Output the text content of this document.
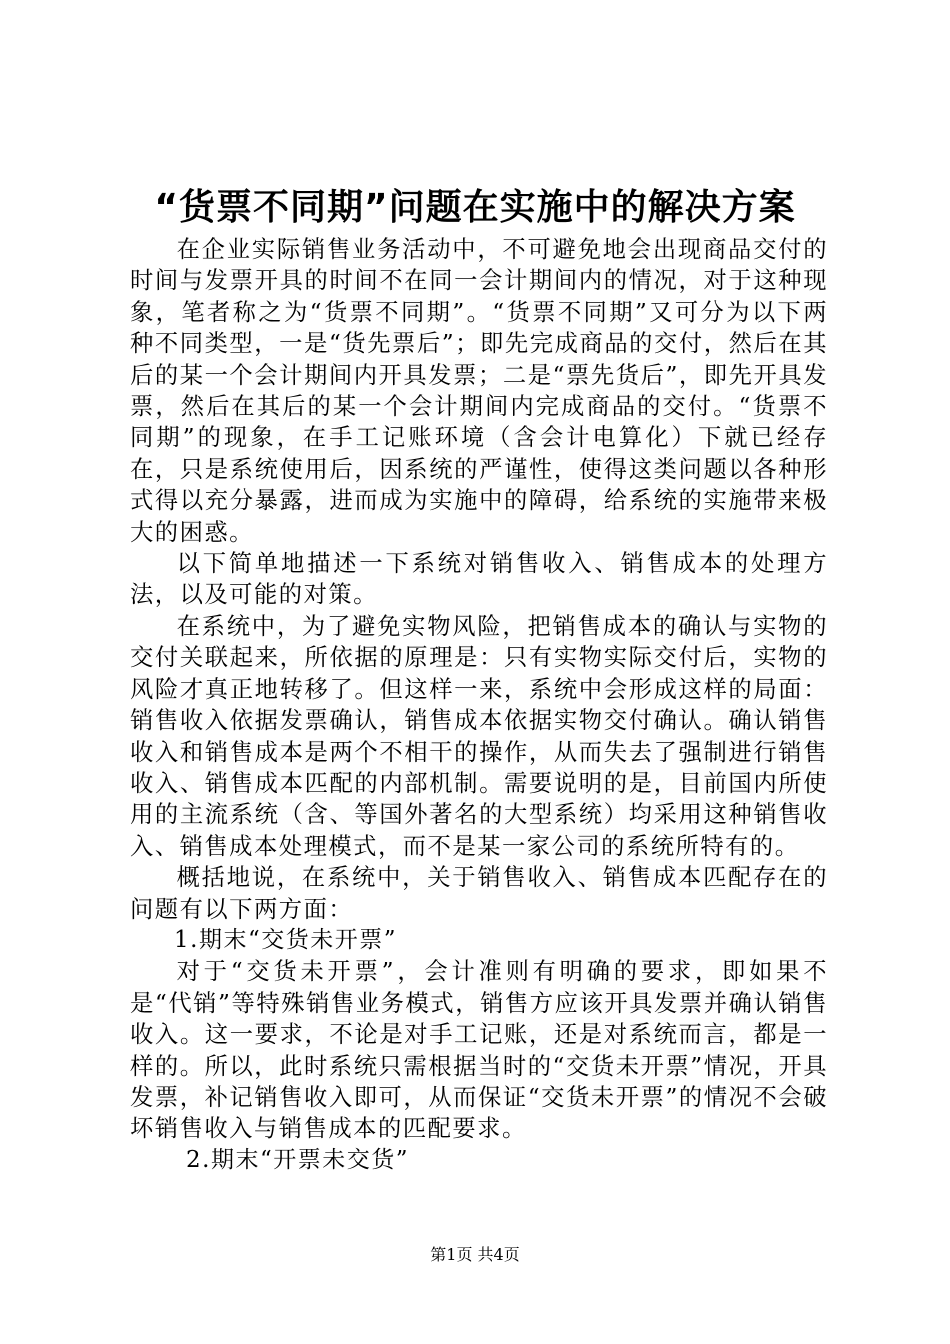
“货票不同期”问题在实施中的解决方案

在企业实际销售业务活动中，不可避免地会出现商品交付的时间与发票开具的时间不在同一会计期间内的情况，对于这种现象，笔者称之为“货票不同期”。“货票不同期”又可分为以下两种不同类型，一是“货先票后”；即先完成商品的交付，然后在其后的某一个会计期间内开具发票；二是“票先货后”，即先开具发票，然后在其后的某一个会计期间内完成商品的交付。“货票不同期”的现象，在手工记账环境（含会计电算化）下就已经存在，只是系统使用后，因系统的严谨性，使得这类问题以各种形式得以充分暴露，进而成为实施中的障碍，给系统的实施带来极大的困惑。

以下简单地描述一下系统对销售收入、销售成本的处理方法，以及可能的对策。

在系统中，为了避免实物风险，把销售成本的确认与实物的交付关联起来，所依据的原理是：只有实物实际交付后，实物的风险才真正地转移了。但这样一来，系统中会形成这样的局面：销售收入依据发票确认，销售成本依据实物交付确认。确认销售收入和销售成本是两个不相干的操作，从而失去了强制进行销售收入、销售成本匹配的内部机制。需要说明的是，目前国内所使用的主流系统（含、等国外著名的大型系统）均采用这种销售收入、销售成本处理模式，而不是某一家公司的系统所特有的。

概括地说，在系统中，关于销售收入、销售成本匹配存在的问题有以下两方面：

1.期末“交货未开票”

对于“交货未开票”，会计准则有明确的要求，即如果不是“代销”等特殊销售业务模式，销售方应该开具发票并确认销售收入。这一要求，不论是对手工记账，还是对系统而言，都是一样的。所以，此时系统只需根据当时的“交货未开票”情况，开具发票，补记销售收入即可，从而保证“交货未开票”的情况不会破坏销售收入与销售成本的匹配要求。

2.期末“开票未交货”

第1页 共4页
